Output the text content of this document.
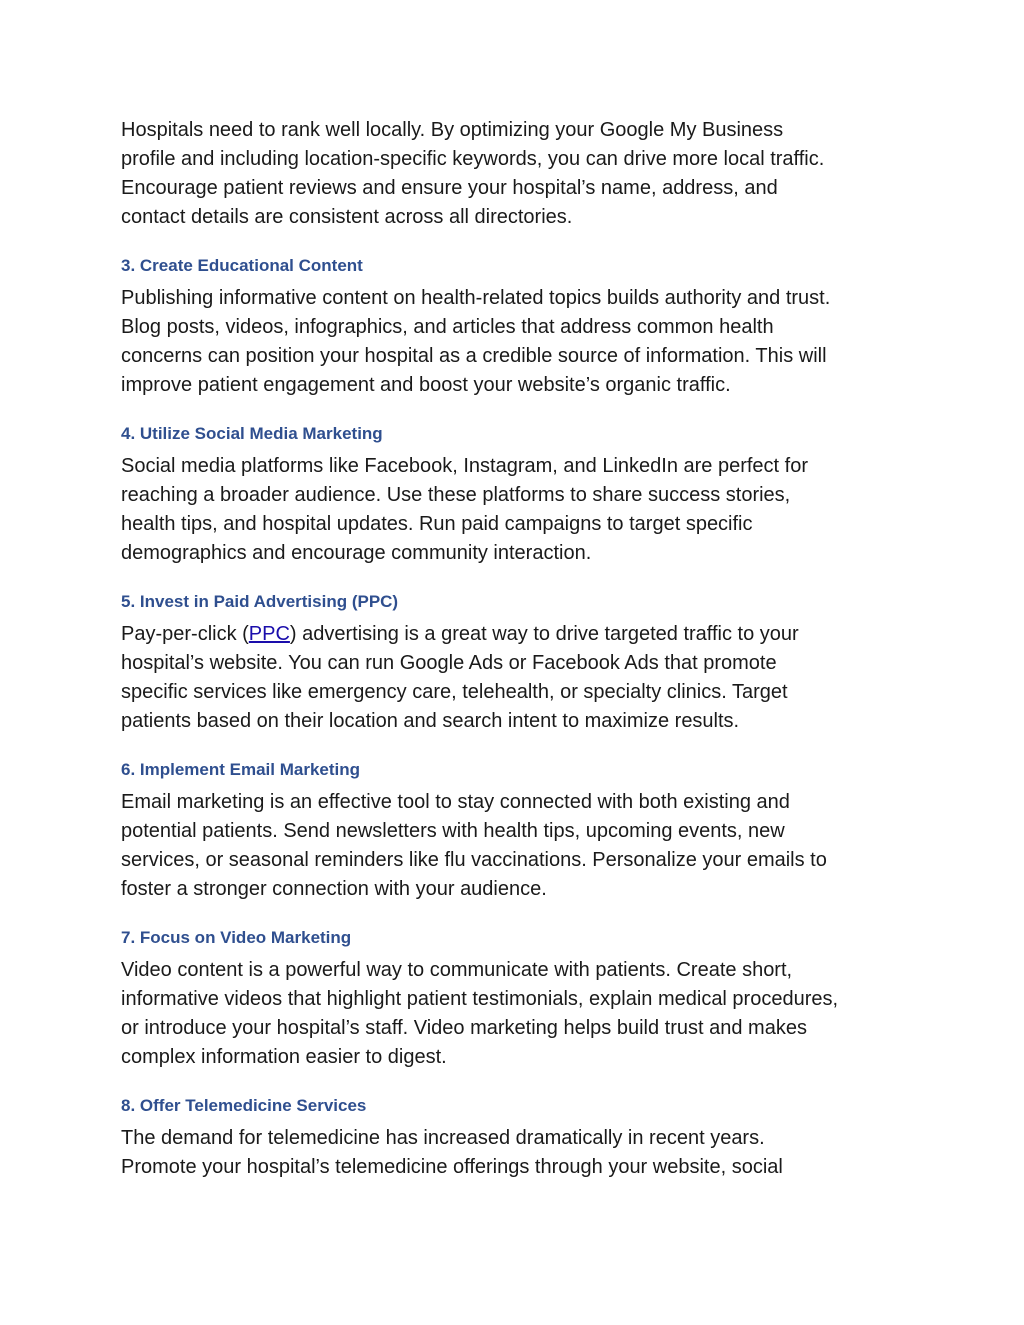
Hospitals need to rank well locally. By optimizing your Google My Business
profile and including location-specific keywords, you can drive more local traffic.
Encourage patient reviews and ensure your hospital’s name, address, and
contact details are consistent across all directories.

3. Create Educational Content

Publishing informative content on health-related topics builds authority and trust.
Blog posts, videos, infographics, and articles that address common health
concerns can position your hospital as a credible source of information. This will
improve patient engagement and boost your website’s organic traffic.

4. Utilize Social Media Marketing

Social media platforms like Facebook, Instagram, and LinkedIn are perfect for
reaching a broader audience. Use these platforms to share success stories,
health tips, and hospital updates. Run paid campaigns to target specific
demographics and encourage community interaction.

5. Invest in Paid Advertising (PPC)

Pay-per-click (PPC) advertising is a great way to drive targeted traffic to your
hospital’s website. You can run Google Ads or Facebook Ads that promote
specific services like emergency care, telehealth, or specialty clinics. Target
patients based on their location and search intent to maximize results.

6. Implement Email Marketing

Email marketing is an effective tool to stay connected with both existing and
potential patients. Send newsletters with health tips, upcoming events, new
services, or seasonal reminders like flu vaccinations. Personalize your emails to
foster a stronger connection with your audience.

7. Focus on Video Marketing

Video content is a powerful way to communicate with patients. Create short,
informative videos that highlight patient testimonials, explain medical procedures,
or introduce your hospital’s staff. Video marketing helps build trust and makes
complex information easier to digest.

8. Offer Telemedicine Services

The demand for telemedicine has increased dramatically in recent years.
Promote your hospital’s telemedicine offerings through your website, social
